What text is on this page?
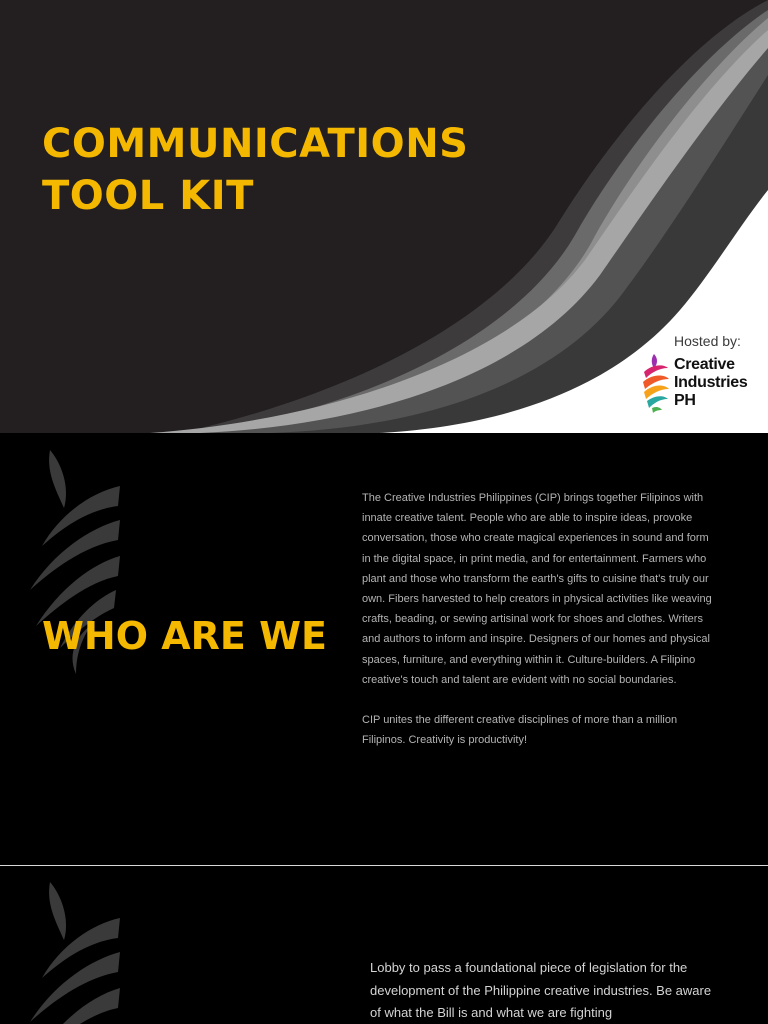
COMMUNICATIONS
TOOL KIT
Hosted by:

Creative
Industries
PH

WHO ARE WE

The Creative Industries Philippines (CIP) brings together Filipinos with innate creative talent. People who are able to inspire ideas, provoke conversation, those who create magical experiences in sound and form in the digital space, in print media, and for entertainment. Farmers who plant and those who transform the earth's gifts to cuisine that's truly our own. Fibers harvested to help creators in physical activities like weaving crafts, beading, or sewing artisinal work for shoes and clothes. Writers and authors to inform and inspire. Designers of our homes and physical spaces, furniture, and everything within it. Culture-builders. A Filipino creative's touch and talent are evident with no social boundaries.

CIP unites the different creative disciplines of more than a million Filipinos. Creativity is productivity!

Lobby to pass a foundational piece of legislation for the development of the Philippine creative industries. Be aware of what the Bill is and what we are fighting
